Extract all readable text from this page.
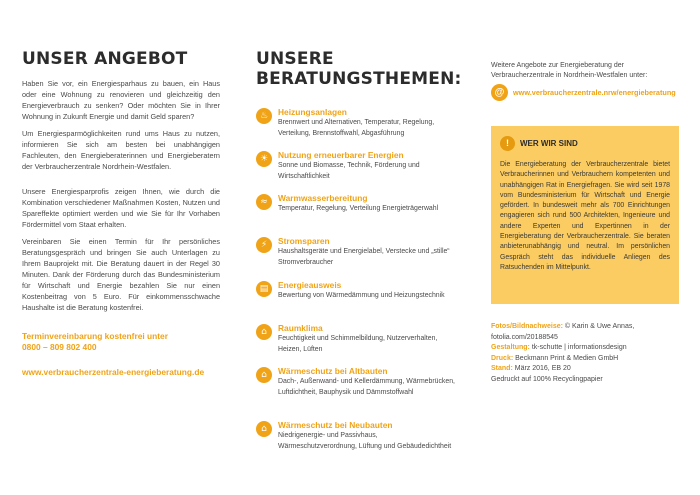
UNSER ANGEBOT

Haben Sie vor, ein Energiesparhaus zu bauen, ein Haus oder eine Wohnung zu renovieren und gleichzeitig den Energieverbrauch zu senken? Oder möchten Sie in Ihrer Wohnung in Zukunft Energie und damit Geld sparen?

Um Energiesparmöglichkeiten rund ums Haus zu nutzen, informieren Sie sich am besten bei unabhängigen Fachleuten, den Energieberaterinnen und Energieberatern der Verbraucherzentrale Nordrhein-Westfalen.

Unsere Energiesparprofis zeigen Ihnen, wie durch die Kombination verschiedener Maßnahmen Kosten, Nutzen und Spareffekte optimiert werden und wie Sie für Ihr Vorhaben Fördermittel vom Staat erhalten.

Vereinbaren Sie einen Termin für Ihr persönliches Beratungsgespräch und bringen Sie auch Unterlagen zu Ihrem Bauprojekt mit. Die Beratung dauert in der Regel 30 Minuten. Dank der Förderung durch das Bundesministerium für Wirtschaft und Energie bezahlen Sie nur einen Kostenbeitrag von 5 Euro. Für einkommensschwache Haushalte ist die Beratung kostenfrei.

Terminvereinbarung kostenfrei unter
0800 – 809 802 400
www.verbraucherzentrale-energieberatung.de
UNSERE
BERATUNGSTHEMEN:
♨	Heizungsanlagen
Brennwert und Alternativen, Temperatur, Regelung, Verteilung, Brennstoffwahl, Abgasführung
☀	Nutzung erneuerbarer Energien
Sonne und Biomasse, Technik, Förderung und Wirtschaftlichkeit
≈	Warmwasserbereitung
Temperatur, Regelung, Verteilung Energieträgerwahl
⚡	Stromsparen
Haushaltsgeräte und Energielabel, Verstecke und „stille“ Stromverbraucher
▤	Energieausweis
Bewertung von Wärmedämmung und Heizungstechnik
⌂	Raumklima
Feuchtigkeit und Schimmelbildung, Nutzerverhalten, Heizen, Lüften
⌂	Wärmeschutz bei Altbauten
Dach-, Außenwand- und Kellerdämmung, Wärmebrücken, Luftdichtheit, Bauphysik und Dämmstoffwahl
⌂	Wärmeschutz bei Neubauten
Niedrigenergie- und Passivhaus, Wärmeschutzverordnung, Lüftung und Gebäudedichtheit
Weitere Angebote zur Energieberatung der Verbraucherzentrale in Nordrhein-Westfalen unter:
@	www.verbraucherzentrale.nrw/energieberatung
!	WER WIR SIND

Die Energieberatung der Verbraucherzentrale bietet Verbraucherinnen und Verbrauchern kompetenten und unabhängigen Rat in Energiefragen. Sie wird seit 1978 vom Bundesministerium für Wirtschaft und Energie gefördert. In bundesweit mehr als 700 Einrichtungen engagieren sich rund 500 Architekten, Ingenieure und andere Experten und Expertinnen in der Energieberatung der Verbraucherzentrale. Sie beraten anbieterunabhängig und neutral. Im persönlichen Gespräch steht das individuelle Anliegen des Ratsuchenden im Mittelpunkt.

Fotos/Bildnachweise: © Karin & Uwe Annas, fotolia.com/20188545
Gestaltung: tk-schutte | informationsdesign
Druck: Beckmann Print & Medien GmbH
Stand: März 2016, EB 20
Gedruckt auf 100% Recyclingpapier
